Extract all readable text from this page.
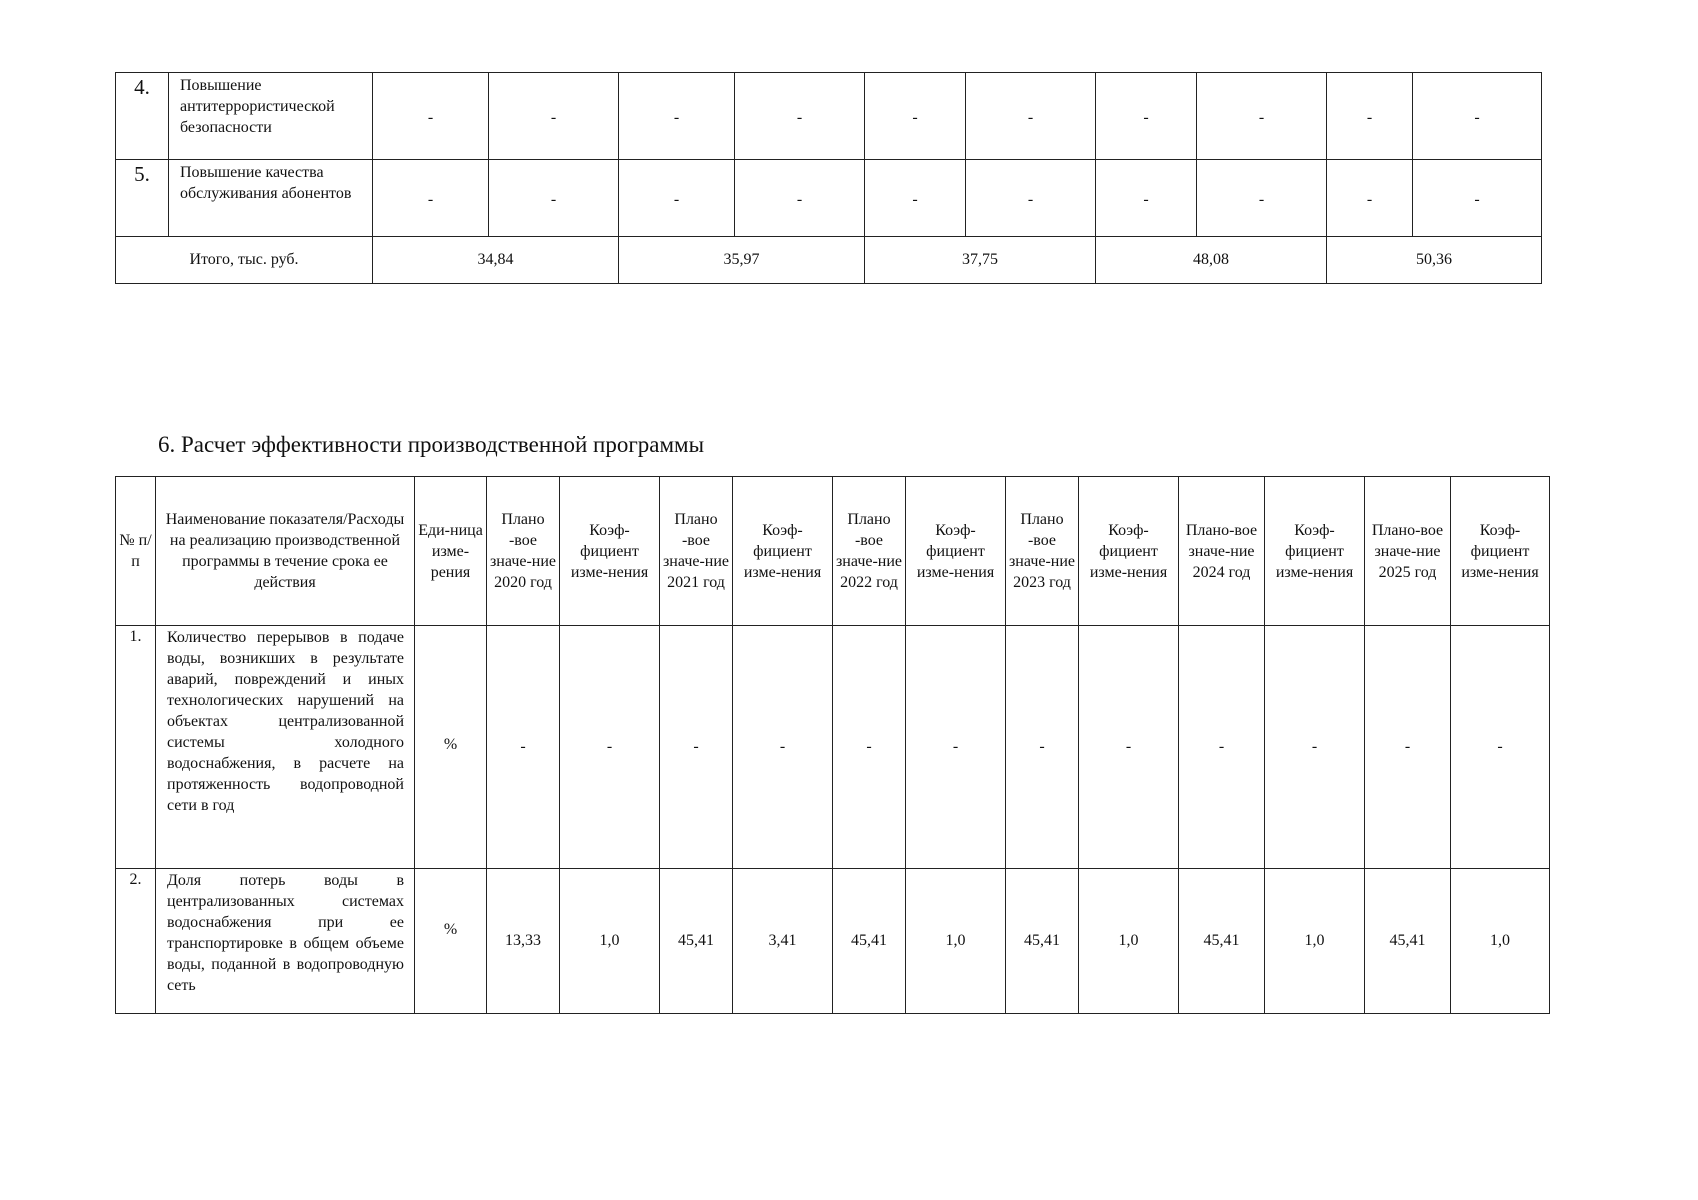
4.	Повышение антитеррористической безопасности	-	-	-	-	-	-	-	-	-	-
5.	Повышение качества обслуживания абонентов	-	-	-	-	-	-	-	-	-	-
Итого, тыс. руб.		34,84		35,97		37,75		48,08		50,36	
6. Расчет эффективности производственной программы
№ п/п	Наименование показателя/Расходы на реализацию производственной программы в течение срока ее действия	Еди-ница изме-рения	Плано -вое значе-ние 2020 год	Коэф-фициент изме-нения	Плано -вое значе-ние 2021 год	Коэф-фициент изме-нения	Плано -вое значе-ние 2022 год	Коэф-фициент изме-нения	Плано -вое значе-ние 2023 год	Коэф-фициент изме-нения	Плано-вое значе-ние 2024 год	Коэф-фициент изме-нения	Плано-вое значе-ние 2025 год	Коэф-фициент изме-нения
1.	Количество перерывов в подаче воды, возникших в результате аварий, повреждений и иных технологических нарушений на объектах централизованной системы холодного водоснабжения, в расчете на протяженность водопроводной сети в год	%	-	-	-	-	-	-	-	-	-	-	-	-
2.	Доля потерь воды в централизованных системах водоснабжения при ее транспортировке в общем объеме воды, поданной в водопроводную сеть	%	13,33	1,0	45,41	3,41	45,41	1,0	45,41	1,0	45,41	1,0	45,41	1,0
